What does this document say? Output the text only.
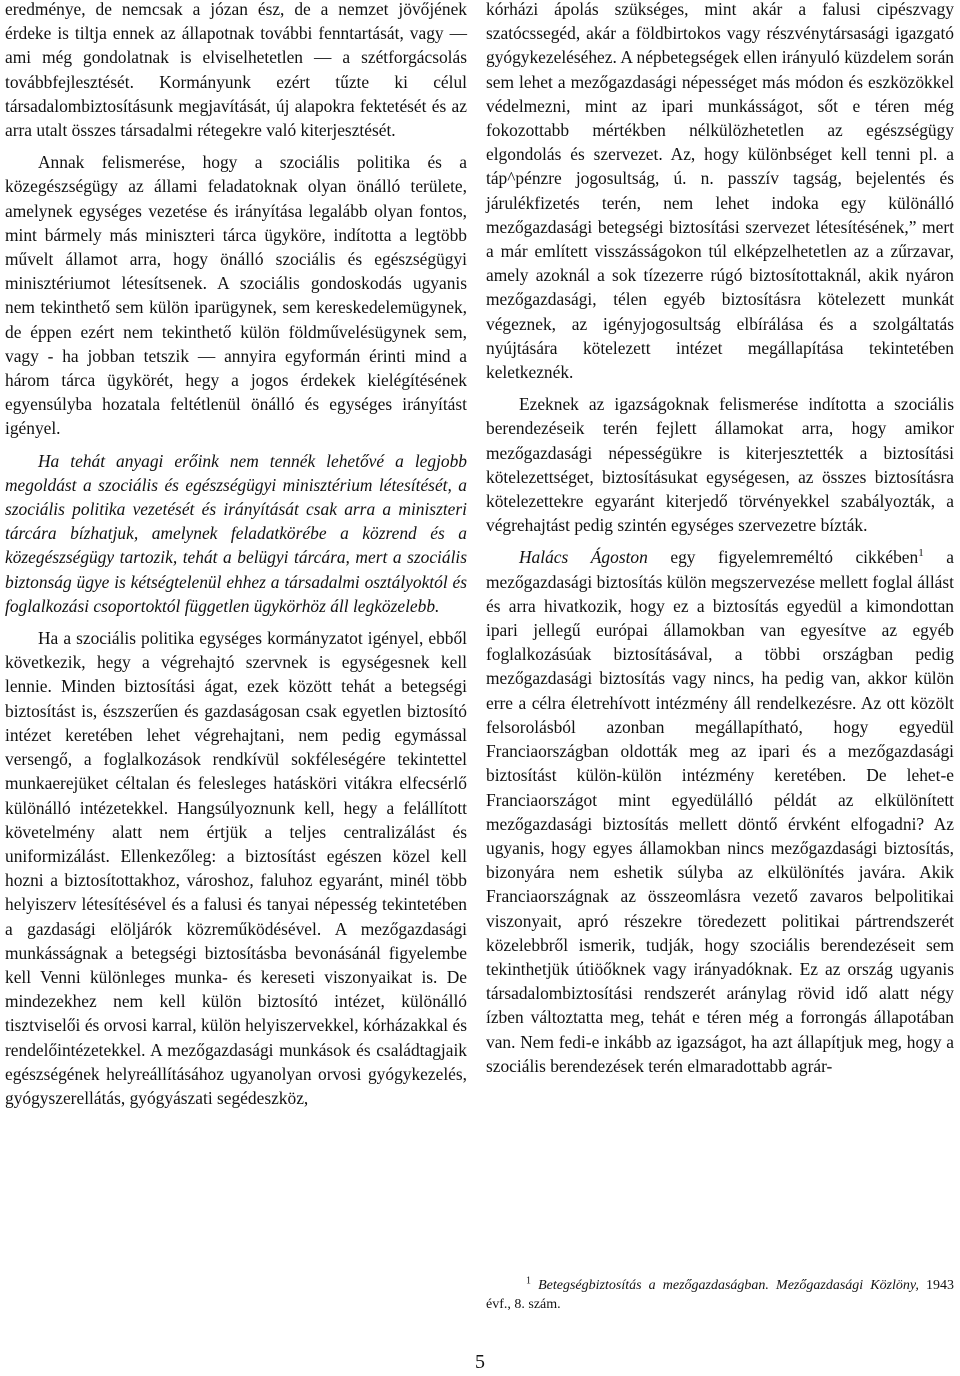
eredménye, de nemcsak a józan ész, de a nemzet jövőjének érdeke is tiltja ennek az állapotnak további fenntartását, vagy — ami még gondolatnak is elviselhetetlen — a szétforgácsolás továbbfejlesztését. Kormányunk ezért tűzte ki célul társadalombiztosításunk megjavítását, új alapokra fektetését és az arra utalt összes társadalmi rétegekre való kiterjesztését.

Annak felismerése, hogy a szociális politika és a közegészségügy az állami feladatoknak olyan önálló területe, amelynek egységes vezetése és irányítása legalább olyan fontos, mint bármely más miniszteri tárca ügyköre, indította a legtöbb művelt államot arra, hogy önálló szociális és egészségügyi minisztériumot létesítsenek. A szociális gondoskodás ugyanis nem tekinthető sem külön iparügynek, sem kereskedelemügynek, de éppen ezért nem tekinthető külön földművelésügynek sem, vagy - ha jobban tetszik — annyira egyformán érinti mind a három tárca ügykörét, hegy a jogos érdekek kielégítésének egyensúlyba hozatala feltétlenül önálló és egységes irányítást igényel.

Ha tehát anyagi erőink nem tennék lehetővé a legjobb megoldást a szociális és egészségügyi minisztérium létesítését, a szociális politika vezetését és irányítását csak arra a miniszteri tárcára bízhatjuk, amelynek feladatkörébe a közrend és a közegészségügy tartozik, tehát a belügyi tárcára, mert a szociális biztonság ügye is kétségtelenül ehhez a társadalmi osztályoktól és foglalkozási csoportoktól független ügykörhöz áll legközelebb.

Ha a szociális politika egységes kormányzatot igényel, ebből következik, hegy a végrehajtó szervnek is egységesnek kell lennie. Minden biztosítási ágat, ezek között tehát a betegségi biztosítást is, észszerűen és gazdaságosan csak egyetlen biztosító intézet keretében lehet végrehajtani, nem pedig egymással versengő, a foglalkozások rendkívül sokféleségére tekintettel munkaerejüket céltalan és felesleges hatásköri vitákra elfecsérlő különálló intézetekkel. Hangsúlyoznunk kell, hegy a felállított követelmény alatt nem értjük a teljes centralizálást és uniformizálást. Ellenkezőleg: a biztosítást egészen közel kell hozni a biztosítottakhoz, városhoz, faluhoz egyaránt, minél több helyiszerv létesítésével és a falusi és tanyai népesség tekintetében a gazdasági elöljárók közreműködésével. A mezőgazdasági munkásságnak a betegségi biztosításba bevonásánál figyelembe kell Venni különleges munka- és kereseti viszonyaikat is. De mindezekhez nem kell külön biztosító intézet, különálló tisztviselői és orvosi karral, külön helyiszervekkel, kórházakkal és rendelőintézetekkel. A mezőgazdasági munkások és családtagjaik egészségének helyreállításához ugyanolyan orvosi gyógykezelés, gyógyszerellátás, gyógyászati segédeszköz,

kórházi ápolás szükséges, mint akár a falusi cipészvagy szatócssegéd, akár a földbirtokos vagy részvénytársasági igazgató gyógykezeléséhez. A népbetegségek ellen irányuló küzdelem során sem lehet a mezőgazdasági népességet más módon és eszközökkel védelmezni, mint az ipari munkásságot, sőt e téren még fokozottabb mértékben nélkülözhetetlen az egészségügy elgondolás és szervezet. Az, hogy különbséget kell tenni pl. a táp^pénzre jogosultság, ú. n. passzív tagság, bejelentés és járulékfizetés terén, nem lehet indoka egy különálló mezőgazdasági betegségi biztosítási szervezet létesítésének,” mert a már említett visszásságokon túl elképzelhetetlen az a zűrzavar, amely azoknál a sok tízezerre rúgó biztosítottaknál, akik nyáron mezőgazdasági, télen egyéb biztosításra kötelezett munkát végeznek, az igényjogosultság elbírálása és a szolgáltatás nyújtására kötelezett intézet megállapítása tekintetében keletkeznék.

Ezeknek az igazságoknak felismerése indította a szociális berendezéseik terén fejlett államokat arra, hogy amikor mezőgazdasági népességükre is kiterjesztették a biztosítási kötelezettséget, biztosításukat egységesen, az összes biztosításra kötelezettekre egyaránt kiterjedő törvényekkel szabályozták, a végrehajtást pedig szintén egységes szervezetre bízták.

Halács Ágoston egy figyelemreméltó cikkében$^1$ a mezőgazdasági biztosítás külön megszervezése mellett foglal állást és arra hivatkozik, hogy ez a biztosítás egyedül a kimondottan ipari jellegű európai államokban van egyesítve az egyéb foglalkozásúak biztosításával, a többi országban pedig mezőgazdasági biztosítás vagy nincs, ha pedig van, akkor külön erre a célra életrehívott intézmény áll rendelkezésre. Az ott közölt felsorolásból azonban megállapítható, hogy egyedül Franciaországban oldották meg az ipari és a mezőgazdasági biztosítást külön-külön intézmény keretében. De lehet-e Franciaországot mint egyedülálló példát az elkülönített mezőgazdasági biztosítás mellett döntő érvként elfogadni? Az ugyanis, hogy egyes államokban nincs mezőgazdasági biztosítás, bizonyára nem eshetik súlyba az elkülönítés javára. Akik Franciaországnak az összeomlásra vezető zavaros belpolitikai viszonyait, apró részekre töredezett politikai pártrendszerét közelebbről ismerik, tudják, hogy szociális berendezéseit sem tekinthetjük útiöőknek vagy irányadóknak. Ez az ország ugyanis társadalombiztosítási rendszerét aránylag rövid idő alatt négy ízben változtatta meg, tehát e téren még a forrongás állapotában van. Nem fedi-e inkább az igazságot, ha azt állapítjuk meg, hogy a szociális berendezések terén elmaradottabb agrár-

$^1$ Betegségbiztosítás a mezőgazdaságban. Mezőgazdasági Közlöny, 1943 évf., 8. szám.
5
